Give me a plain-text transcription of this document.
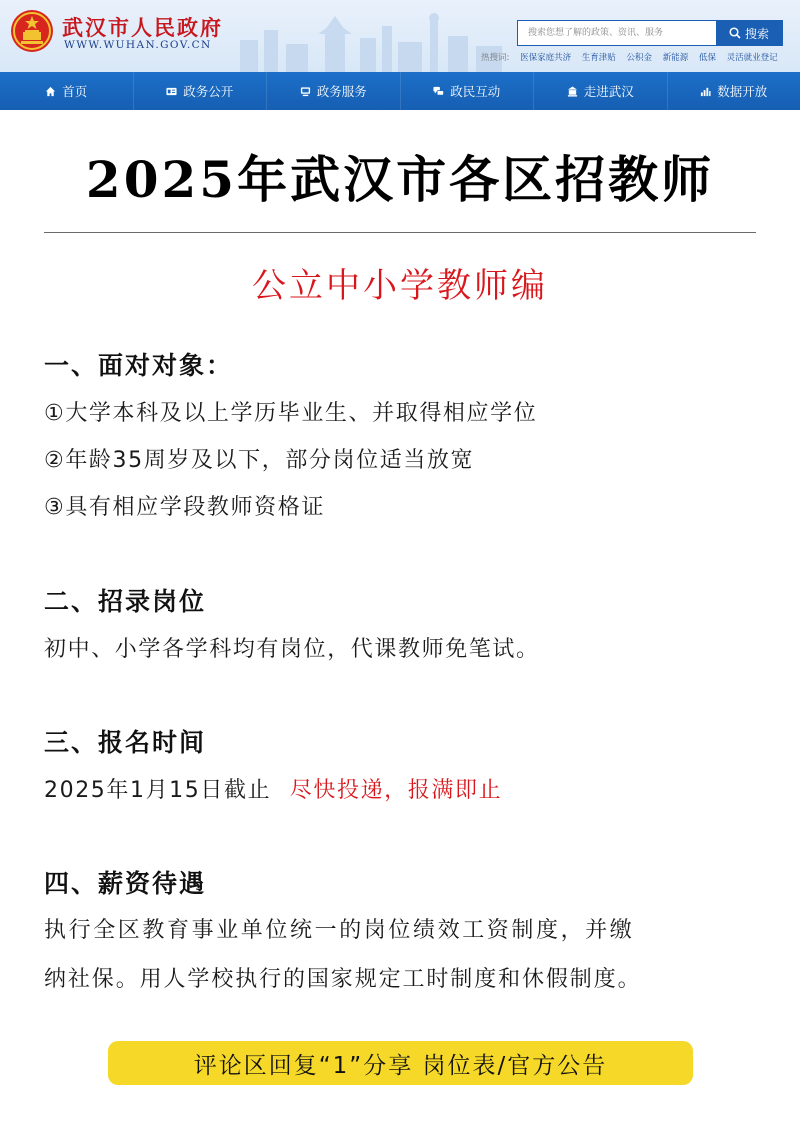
武汉市人民政府
WWW.WUHAN.GOV.CN
搜索您想了解的政策、资讯、服务
搜索
热搜词: 医保家庭共济 生育津贴 公积金 新能源 低保 灵活就业登记
首页	政务公开	政务服务	政民互动	走进武汉	数据开放
2025年武汉市各区招教师
公立中小学教师编
一、面对对象：
①大学本科及以上学历毕业生、并取得相应学位
②年龄35周岁及以下，部分岗位适当放宽
③具有相应学段教师资格证
二、招录岗位
初中、小学各学科均有岗位，代课教师免笔试。
三、报名时间
2025年1月15日截止 尽快投递，报满即止
四、薪资待遇
执行全区教育事业单位统一的岗位绩效工资制度，并缴
纳社保。用人学校执行的国家规定工时制度和休假制度。
评论区回复“1”分享 岗位表/官方公告
